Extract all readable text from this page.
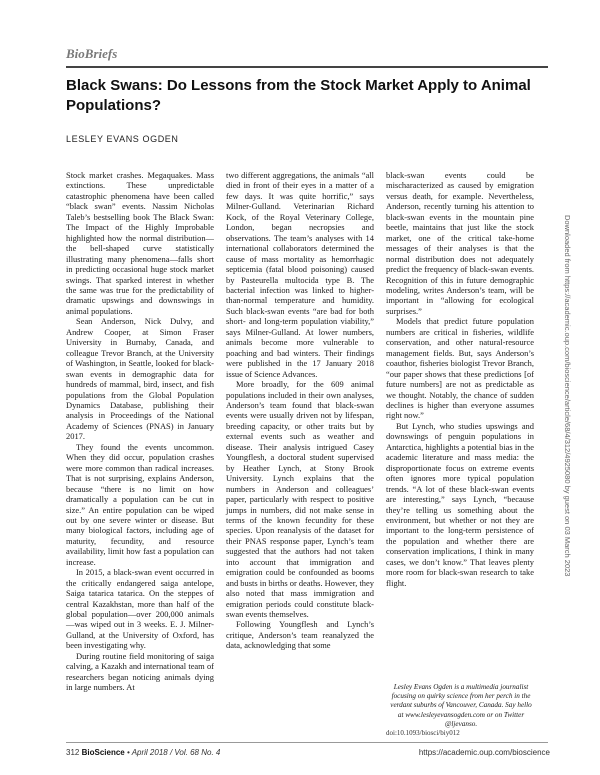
BioBriefs
Black Swans: Do Lessons from the Stock Market Apply to Animal Populations?
LESLEY EVANS OGDEN

Stock market crashes. Megaquakes. Mass extinctions. These unpredictable catastrophic phenomena have been called “black swan” events. Nassim Nicholas Taleb’s bestselling book The Black Swan: The Impact of the Highly Improbable highlighted how the normal distribution—the bell-shaped curve statistically illustrating many phenomena—falls short in predicting occasional huge stock market swings. That sparked interest in whether the same was true for the predictability of dramatic upswings and downswings in animal populations.

Sean Anderson, Nick Dulvy, and Andrew Cooper, at Simon Fraser University in Burnaby, Canada, and colleague Trevor Branch, at the University of Washington, in Seattle, looked for black-swan events in demographic data for hundreds of mammal, bird, insect, and fish populations from the Global Population Dynamics Database, publishing their analysis in Proceedings of the National Academy of Sciences (PNAS) in January 2017.

They found the events uncommon. When they did occur, population crashes were more common than radical increases. That is not surprising, explains Anderson, because “there is no limit on how dramatically a population can be cut in size.” An entire population can be wiped out by one severe winter or disease. But many biological factors, including age of maturity, fecundity, and resource availability, limit how fast a population can increase.

In 2015, a black-swan event occurred in the critically endangered saiga antelope, Saiga tatarica tatarica. On the steppes of central Kazakhstan, more than half of the global population—over 200,000 animals—was wiped out in 3 weeks. E. J. Milner-Gulland, at the University of Oxford, has been investigating why.

During routine field monitoring of saiga calving, a Kazakh and international team of researchers began noticing animals dying in large numbers. At

two different aggregations, the animals “all died in front of their eyes in a matter of a few days. It was quite horrific,” says Milner-Gulland. Veterinarian Richard Kock, of the Royal Veterinary College, London, began necropsies and observations. The team’s analyses with 14 international collaborators determined the cause of mass mortality as hemorrhagic septicemia (fatal blood poisoning) caused by Pasteurella multocida type B. The bacterial infection was linked to higher-than-normal temperature and humidity. Such black-swan events “are bad for both short- and long-term population viability,” says Milner-Gulland. At lower numbers, animals become more vulnerable to poaching and bad winters. Their findings were published in the 17 January 2018 issue of Science Advances.

More broadly, for the 609 animal populations included in their own analyses, Anderson’s team found that black-swan events were usually driven not by lifespan, breeding capacity, or other traits but by external events such as weather and disease. Their analysis intrigued Casey Youngflesh, a doctoral student supervised by Heather Lynch, at Stony Brook University. Lynch explains that the numbers in Anderson and colleagues’ paper, particularly with respect to positive jumps in numbers, did not make sense in terms of the known fecundity for these species. Upon reanalysis of the dataset for their PNAS response paper, Lynch’s team suggested that the authors had not taken into account that immigration and emigration could be confounded as booms and busts in births or deaths. However, they also noted that mass immigration and emigration periods could constitute black-swan events themselves.

Following Youngflesh and Lynch’s critique, Anderson’s team reanalyzed the data, acknowledging that some

black-swan events could be mischaracterized as caused by emigration versus death, for example. Nevertheless, Anderson, recently turning his attention to black-swan events in the mountain pine beetle, maintains that just like the stock market, one of the critical take-home messages of their analyses is that the normal distribution does not adequately predict the frequency of black-swan events. Recognition of this in future demographic modeling, writes Anderson’s team, will be important in “allowing for ecological surprises.”

Models that predict future population numbers are critical in fisheries, wildlife conservation, and other natural-resource management fields. But, says Anderson’s coauthor, fisheries biologist Trevor Branch, “our paper shows that these predictions [of future numbers] are not as predictable as we thought. Notably, the chance of sudden declines is higher than everyone assumes right now.”

But Lynch, who studies upswings and downswings of penguin populations in Antarctica, highlights a potential bias in the academic literature and mass media: the disproportionate focus on extreme events often ignores more typical population trends. “A lot of these black-swan events are interesting,” says Lynch, “because they’re telling us something about the environment, but whether or not they are important to the long-term persistence of the population and whether there are conservation implications, I think in many cases, we don’t know.” That leaves plenty more room for black-swan research to take flight.

Lesley Evans Ogden is a multimedia journalist

focusing on quirky science from her perch in the

verdant suburbs of Vancouver, Canada. Say hello

at www.lesleyevansogden.com or on Twitter

@ljevanso.

doi:10.1093/biosci/biy012
Downloaded from https://academic.oup.com/bioscience/article/68/4/312/4925080 by guest on 03 March 2023
312 BioScience • April 2018 / Vol. 68 No. 4	https://academic.oup.com/bioscience
